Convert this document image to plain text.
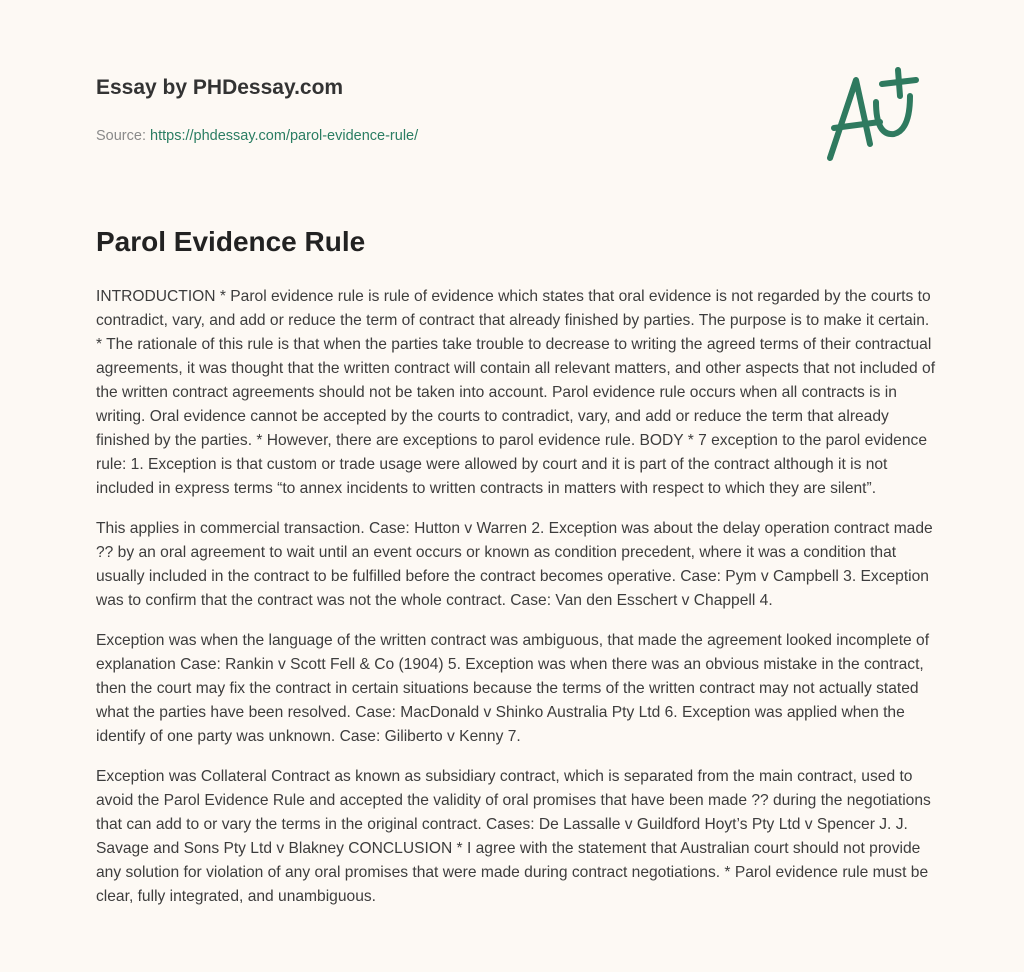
Essay by PHDessay.com

Source: https://phdessay.com/parol-evidence-rule/
Parol Evidence Rule

INTRODUCTION * Parol evidence rule is rule of evidence which states that oral evidence is not regarded by the courts to contradict, vary, and add or reduce the term of contract that already finished by parties. The purpose is to make it certain. * The rationale of this rule is that when the parties take trouble to decrease to writing the agreed terms of their contractual agreements, it was thought that the written contract will contain all relevant matters, and other aspects that not included of the written contract agreements should not be taken into account. Parol evidence rule occurs when all contracts is in writing. Oral evidence cannot be accepted by the courts to contradict, vary, and add or reduce the term that already finished by the parties. * However, there are exceptions to parol evidence rule. BODY * 7 exception to the parol evidence rule: 1. Exception is that custom or trade usage were allowed by court and it is part of the contract although it is not included in express terms “to annex incidents to written contracts in matters with respect to which they are silent”.

This applies in commercial transaction. Case: Hutton v Warren 2. Exception was about the delay operation contract made ?? by an oral agreement to wait until an event occurs or known as condition precedent, where it was a condition that usually included in the contract to be fulfilled before the contract becomes operative. Case: Pym v Campbell 3. Exception was to confirm that the contract was not the whole contract. Case: Van den Esschert v Chappell 4.

Exception was when the language of the written contract was ambiguous, that made the agreement looked incomplete of explanation Case: Rankin v Scott Fell & Co (1904) 5. Exception was when there was an obvious mistake in the contract, then the court may fix the contract in certain situations because the terms of the written contract may not actually stated what the parties have been resolved. Case: MacDonald v Shinko Australia Pty Ltd 6. Exception was applied when the identify of one party was unknown. Case: Giliberto v Kenny 7.

Exception was Collateral Contract as known as subsidiary contract, which is separated from the main contract, used to avoid the Parol Evidence Rule and accepted the validity of oral promises that have been made ?? during the negotiations that can add to or vary the terms in the original contract. Cases: De Lassalle v Guildford Hoyt’s Pty Ltd v Spencer J. J. Savage and Sons Pty Ltd v Blakney CONCLUSION * I agree with the statement that Australian court should not provide any solution for violation of any oral promises that were made during contract negotiations. * Parol evidence rule must be clear, fully integrated, and unambiguous.
